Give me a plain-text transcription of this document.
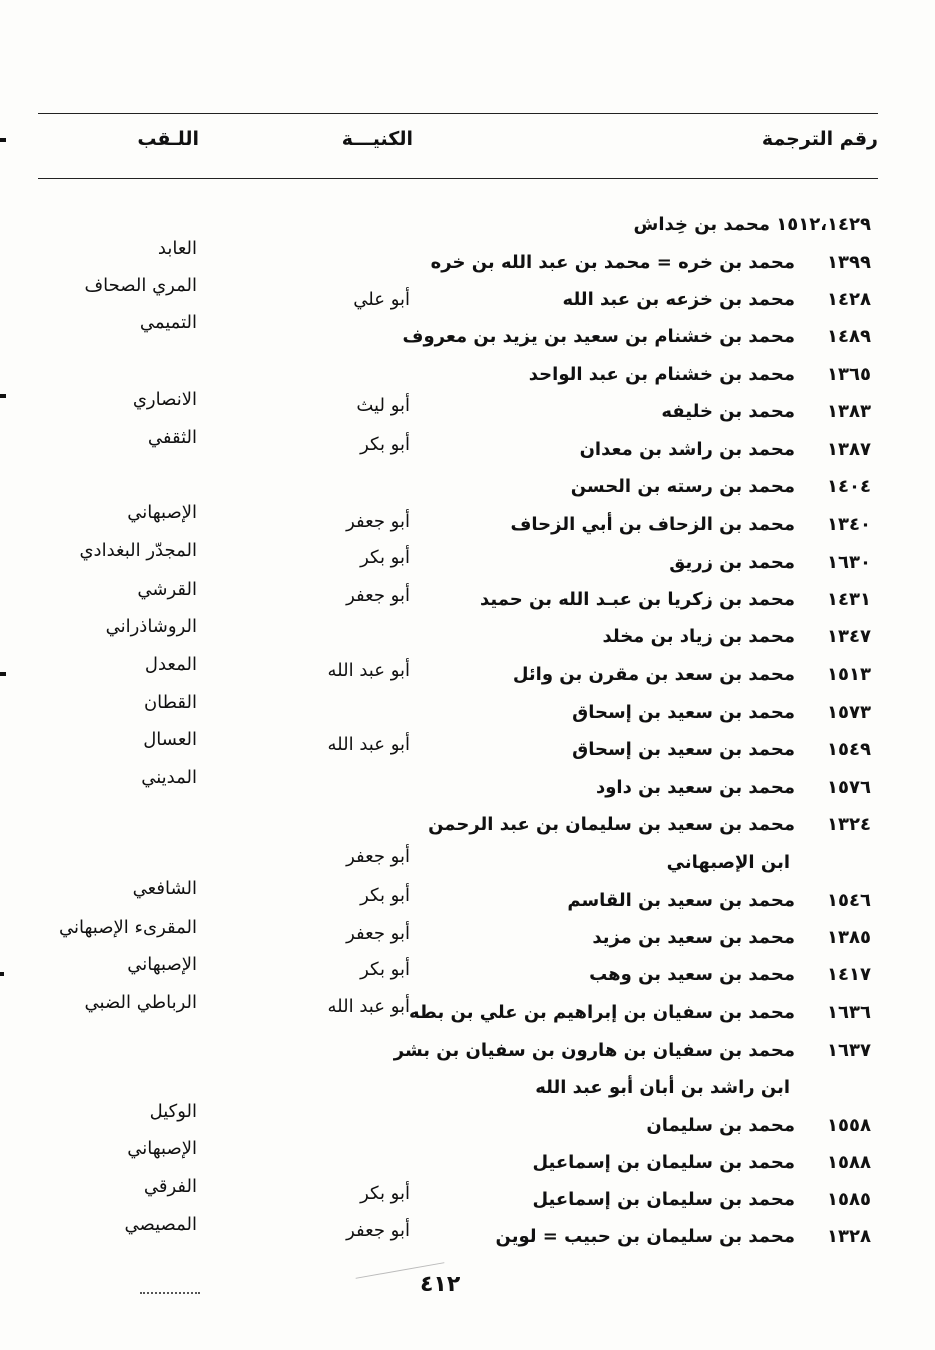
رقم الترجمة
الكنيـــة
اللـقب
١٥١٢،١٤٢٩ محمد بن خِداش
١٣٩٩
محمد بن خره = محمد بن عبد الله بن خره
العابد
١٤٢٨
محمد بن خزعه بن عبد الله
أبو علي
المري الصحاف
١٤٨٩
محمد بن خشنام بن سعيد بن يزيد بن معروف
التميمي
١٣٦٥
محمد بن خشنام بن عبد الواحد
١٣٨٣
محمد بن خليفه
أبو ليث
الانصاري
١٣٨٧
محمد بن راشد بن معدان
أبو بكر
الثقفي
١٤٠٤
محمد بن رسته بن الحسن
١٣٤٠
محمد بن الزحاف بن أبي الزحاف
أبو جعفر
الإصبهاني
١٦٣٠
محمد بن زريق
أبو بكر
المجدّر البغدادي
١٤٣١
محمد بن زكريا بن عبـد الله بن حميد
أبو جعفر
القرشي
١٣٤٧
محمد بن زياد بن مخلد
الروشاذراني
١٥١٣
محمد بن سعد بن مقرن بن وائل
أبو عبد الله
المعدل
١٥٧٣
محمد بن سعيد بن إسحاق
القطان
١٥٤٩
محمد بن سعيد بن إسحاق
أبو عبد الله
العسال
١٥٧٦
محمد بن سعيد بن داود
المديني
١٣٢٤
محمد بن سعيد بن سليمان بن عبد الرحمن
ابن الإصبهاني
أبو جعفر
١٥٤٦
محمد بن سعيد بن القاسم
أبو بكر
الشافعي
١٣٨٥
محمد بن سعيد بن مزيد
أبو جعفر
المقرىء الإصبهاني
١٤١٧
محمد بن سعيد بن وهب
أبو بكر
الإصبهاني
١٦٣٦
محمد بن سفيان بن إبراهيم بن علي بن بطه
أبو عبد الله
الرباطي الضبي
١٦٣٧
محمد بن سفيان بن هارون بن سفيان بن بشر
ابن راشد بن أبان أبو عبد الله
١٥٥٨
محمد بن سليمان
الوكيل
١٥٨٨
محمد بن سليمان بن إسماعيل
الإصبهاني
١٥٨٥
محمد بن سليمان بن إسماعيل
أبو بكر
الفرقي
١٣٢٨
محمد بن سليمان بن حبيب = لوين
أبو جعفر
المصيصي
٤١٢
